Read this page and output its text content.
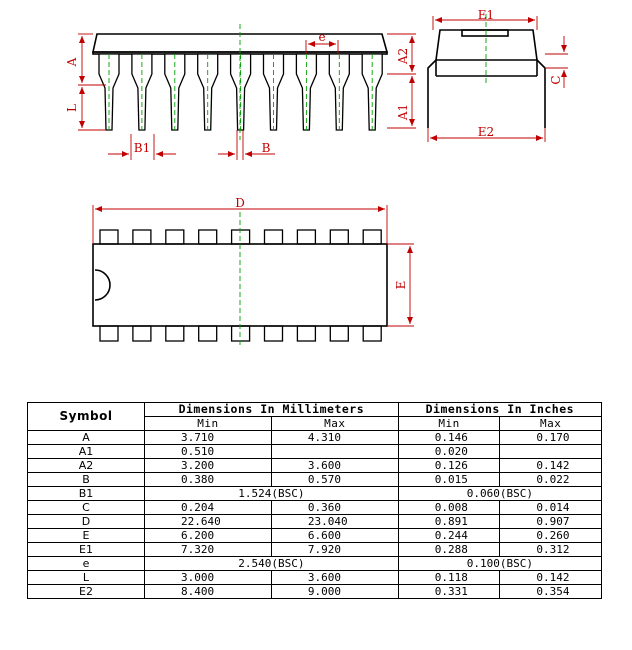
A
L
A2
A1
e
B1	B
E1
C
E2
D
E
Symbol	Dimensions In Millimeters		Dimensions In Inches	
	Min	Max	Min	Max
A	3.710	4.310	0.146	0.170
A1	0.510		0.020	
A2	3.200	3.600	0.126	0.142
B	0.380	0.570	0.015	0.022
B1	1.524(BSC)		0.060(BSC)	
C	0.204	0.360	0.008	0.014
D	22.640	23.040	0.891	0.907
E	6.200	6.600	0.244	0.260
E1	7.320	7.920	0.288	0.312
e	2.540(BSC)		0.100(BSC)	
L	3.000	3.600	0.118	0.142
E2	8.400	9.000	0.331	0.354
